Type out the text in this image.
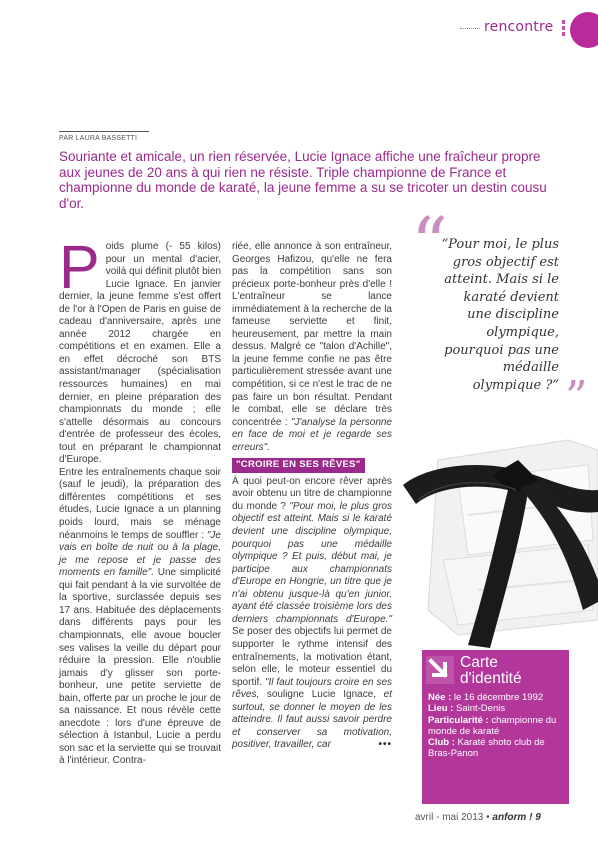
rencontre
PAR LAURA BASSETTI
Souriante et amicale, un rien réservée, Lucie Ignace affiche une fraîcheur propre aux jeunes de 20 ans à qui rien ne résiste. Triple championne de France et championne du monde de karaté, la jeune femme a su se tricoter un destin cousu d'or.

P oids plume (- 55 kilos) pour un mental d'acier, voilà qui définit plutôt bien Lucie Ignace. En janvier dernier, la jeune femme s'est offert de l'or à l'Open de Paris en guise de cadeau d'anniversaire, après une année 2012 chargée en compétitions et en examen. Elle a en effet décroché son BTS assistant/manager (spécialisation ressources humaines) en mai dernier, en pleine préparation des championnats du monde ; elle s'attelle désormais au concours d'entrée de professeur des écoles, tout en préparant le championnat d'Europe.

Entre les entraînements chaque soir (sauf le jeudi), la préparation des différentes compétitions et ses études, Lucie Ignace a un planning poids lourd, mais se ménage néanmoins le temps de souffler : "Je vais en boîte de nuit ou à la plage, je me repose et je passe des moments en famille". Une simplicité qui fait pendant à la vie survoltée de la sportive, surclassée depuis ses 17 ans. Habituée des déplacements dans différents pays pour les championnats, elle avoue boucler ses valises la veille du départ pour réduire la pression. Elle n'oublie jamais d'y glisser son porte-bonheur, une petite serviette de bain, offerte par un proche le jour de sa naissance. Et nous révèle cette anecdote : lors d'une épreuve de sélection à Istanbul, Lucie a perdu son sac et la serviette qui se trouvait à l'intérieur. Contra-

riée, elle annonce à son entraîneur, Georges Hafizou, qu'elle ne fera pas la compétition sans son précieux porte-bonheur près d'elle ! L'entraîneur se lance immédiatement à la recherche de la fameuse serviette et finit, heureusement, par mettre la main dessus. Malgré ce "talon d'Achille", la jeune femme confie ne pas être particulièrement stressée avant une compétition, si ce n'est le trac de ne pas faire un bon résultat. Pendant le combat, elle se déclare très concentrée : "J'analyse la personne en face de moi et je regarde ses erreurs".

"CROIRE EN SES RÊVES"

À quoi peut-on encore rêver après avoir obtenu un titre de championne du monde ? "Pour moi, le plus gros objectif est atteint. Mais si le karaté devient une discipline olympique, pourquoi pas une médaille olympique ? Et puis, début mai, je participe aux championnats d'Europe en Hongrie, un titre que je n'ai obtenu jusque-là qu'en junior, ayant été classée troisième lors des derniers championnats d'Europe." Se poser des objectifs lui permet de supporter le rythme intensif des entraînements, la motivation étant, selon elle, le moteur essentiel du sportif. "Il faut toujours croire en ses rêves, souligne Lucie Ignace, et surtout, se donner le moyen de les atteindre. Il faut aussi savoir perdre et conserver sa motivation, positiver, travailler, car	•••

“
“Pour moi, le plus gros objectif est atteint. Mais si le karaté devient une discipline olympique, pourquoi pas une médaille olympique ?” ”
Carte
d'identité
Née : le 16 décembre 1992
Lieu : Saint-Denis
Particularité : championne du monde de karaté
Club : Karaté shoto club de Bras-Panon
avril - mai 2013 • anform ! 9
